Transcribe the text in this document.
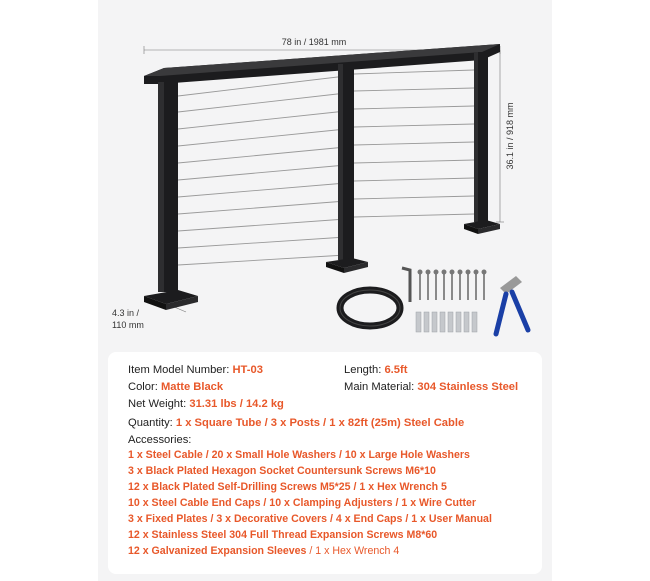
78 in / 1981 mm
36.1 in / 918 mm
4.3 in /
110 mm
Item Model Number: HT-03	Length: 6.5ft
Color: Matte Black	Main Material: 304 Stainless Steel
Net Weight: 31.31 lbs / 14.2 kg
Quantity: 1 x Square Tube / 3 x Posts / 1 x 82ft (25m) Steel Cable
Accessories:
1 x Steel Cable / 20 x Small Hole Washers / 10 x Large Hole Washers
3 x Black Plated Hexagon Socket Countersunk Screws M6*10
12 x Black Plated Self-Drilling Screws M5*25 / 1 x Hex Wrench 5
10 x Steel Cable End Caps / 10 x Clamping Adjusters / 1 x Wire Cutter
3 x Fixed Plates / 3 x Decorative Covers / 4 x End Caps / 1 x User Manual
12 x Stainless Steel 304 Full Thread Expansion Screws M8*60
12 x Galvanized Expansion Sleeves / 1 x Hex Wrench 4
